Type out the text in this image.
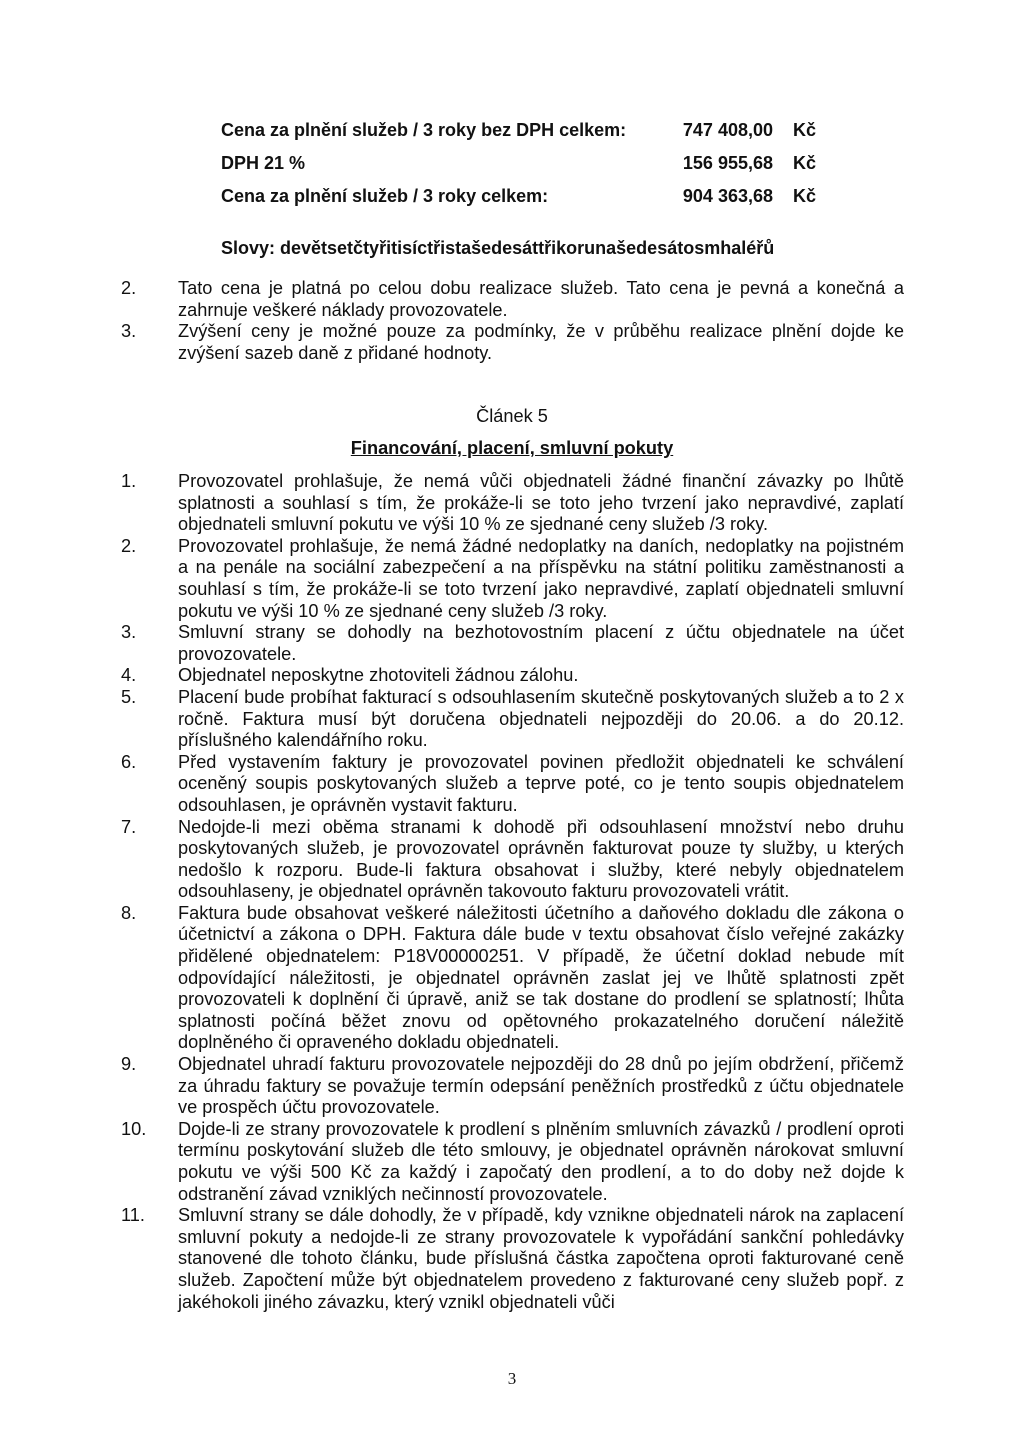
Cena za plnění služeb / 3 roky bez DPH celkem:	747 408,00 Kč
DPH 21 %	156 955,68 Kč
Cena za plnění služeb / 3 roky celkem:	904 363,68 Kč
Slovy: devětsetčtyřitisíctřistašedesáttřikorunašedesátosmhaléřů
2. Tato cena je platná po celou dobu realizace služeb. Tato cena je pevná a konečná a zahrnuje veškeré náklady provozovatele.
3. Zvýšení ceny je možné pouze za podmínky, že v průběhu realizace plnění dojde ke zvýšení sazeb daně z přidané hodnoty.
Článek 5
Financování, placení, smluvní pokuty
1. Provozovatel prohlašuje, že nemá vůči objednateli žádné finanční závazky po lhůtě splatnosti a souhlasí s tím, že prokáže-li se toto jeho tvrzení jako nepravdivé, zaplatí objednateli smluvní pokutu ve výši 10 % ze sjednané ceny služeb /3 roky.
2. Provozovatel prohlašuje, že nemá žádné nedoplatky na daních, nedoplatky na pojistném a na penále na sociální zabezpečení a na příspěvku na státní politiku zaměstnanosti a souhlasí s tím, že prokáže-li se toto tvrzení jako nepravdivé, zaplatí objednateli smluvní pokutu ve výši 10 % ze sjednané ceny služeb /3 roky.
3. Smluvní strany se dohodly na bezhotovostním placení z účtu objednatele na účet provozovatele.
4. Objednatel neposkytne zhotoviteli žádnou zálohu.
5. Placení bude probíhat fakturací s odsouhlasením skutečně poskytovaných služeb a to 2 x ročně. Faktura musí být doručena objednateli nejpozději do 20.06. a do 20.12. příslušného kalendářního roku.
6. Před vystavením faktury je provozovatel povinen předložit objednateli ke schválení oceněný soupis poskytovaných služeb a teprve poté, co je tento soupis objednatelem odsouhlasen, je oprávněn vystavit fakturu.
7. Nedojde-li mezi oběma stranami k dohodě při odsouhlasení množství nebo druhu poskytovaných služeb, je provozovatel oprávněn fakturovat pouze ty služby, u kterých nedošlo k rozporu. Bude-li faktura obsahovat i služby, které nebyly objednatelem odsouhlaseny, je objednatel oprávněn takovouto fakturu provozovateli vrátit.
8. Faktura bude obsahovat veškeré náležitosti účetního a daňového dokladu dle zákona o účetnictví a zákona o DPH. Faktura dále bude v textu obsahovat číslo veřejné zakázky přidělené objednatelem: P18V00000251. V případě, že účetní doklad nebude mít odpovídající náležitosti, je objednatel oprávněn zaslat jej ve lhůtě splatnosti zpět provozovateli k doplnění či úpravě, aniž se tak dostane do prodlení se splatností; lhůta splatnosti počíná běžet znovu od opětovného prokazatelného doručení náležitě doplněného či opraveného dokladu objednateli.
9. Objednatel uhradí fakturu provozovatele nejpozději do 28 dnů po jejím obdržení, přičemž za úhradu faktury se považuje termín odepsání peněžních prostředků z účtu objednatele ve prospěch účtu provozovatele.
10. Dojde-li ze strany provozovatele k prodlení s plněním smluvních závazků / prodlení oproti termínu poskytování služeb dle této smlouvy, je objednatel oprávněn nárokovat smluvní pokutu ve výši 500 Kč za každý i započatý den prodlení, a to do doby než dojde k odstranění závad vzniklých nečinností provozovatele.
11. Smluvní strany se dále dohodly, že v případě, kdy vznikne objednateli nárok na zaplacení smluvní pokuty a nedojde-li ze strany provozovatele k vypořádání sankční pohledávky stanovené dle tohoto článku, bude příslušná částka započtena oproti fakturované ceně služeb. Započtení může být objednatelem provedeno z fakturované ceny služeb popř. z jakéhokoli jiného závazku, který vznikl objednateli vůči
3
